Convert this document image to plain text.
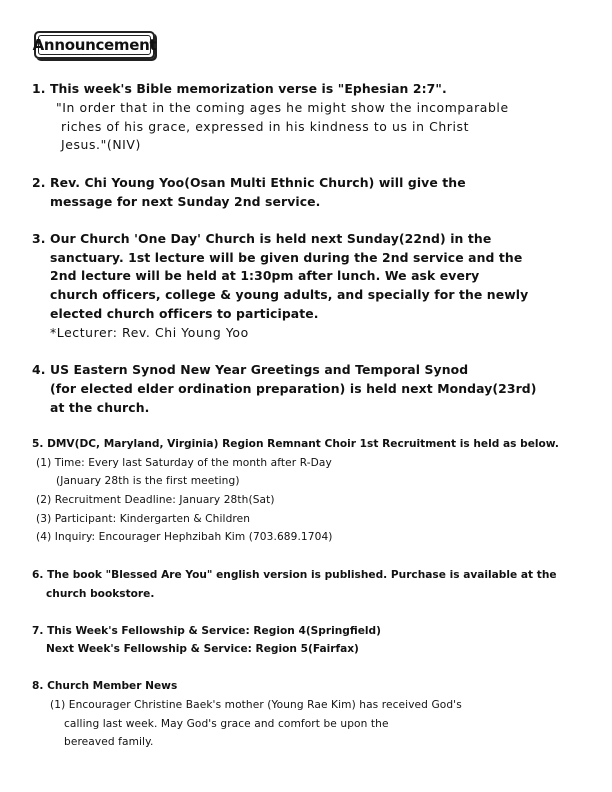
Announcement
1. This week's Bible memorization verse is "Ephesian 2:7".
"In order that in the coming ages he might show the incomparable
riches of his grace, expressed in his kindness to us in Christ
Jesus."(NIV)
2. Rev. Chi Young Yoo(Osan Multi Ethnic Church) will give the
message for next Sunday 2nd service.
3. Our Church 'One Day' Church is held next Sunday(22nd) in the
sanctuary. 1st lecture will be given during the 2nd service and the
2nd lecture will be held at 1:30pm after lunch. We ask every
church officers, college & young adults, and specially for the newly
elected church officers to participate.
*Lecturer: Rev. Chi Young Yoo
4. US Eastern Synod New Year Greetings and Temporal Synod
(for elected elder ordination preparation) is held next Monday(23rd)
at the church.
5. DMV(DC, Maryland, Virginia) Region Remnant Choir 1st Recruitment is held as below.
(1) Time: Every last Saturday of the month after R-Day
(January 28th is the first meeting)
(2) Recruitment Deadline: January 28th(Sat)
(3) Participant: Kindergarten & Children
(4) Inquiry: Encourager Hephzibah Kim (703.689.1704)
6. The book "Blessed Are You" english version is published. Purchase is available at the
church bookstore.
7. This Week's Fellowship & Service: Region 4(Springfield)
Next Week's Fellowship & Service: Region 5(Fairfax)
8. Church Member News
(1) Encourager Christine Baek's mother (Young Rae Kim) has received God's
calling last week. May God's grace and comfort be upon the
bereaved family.
